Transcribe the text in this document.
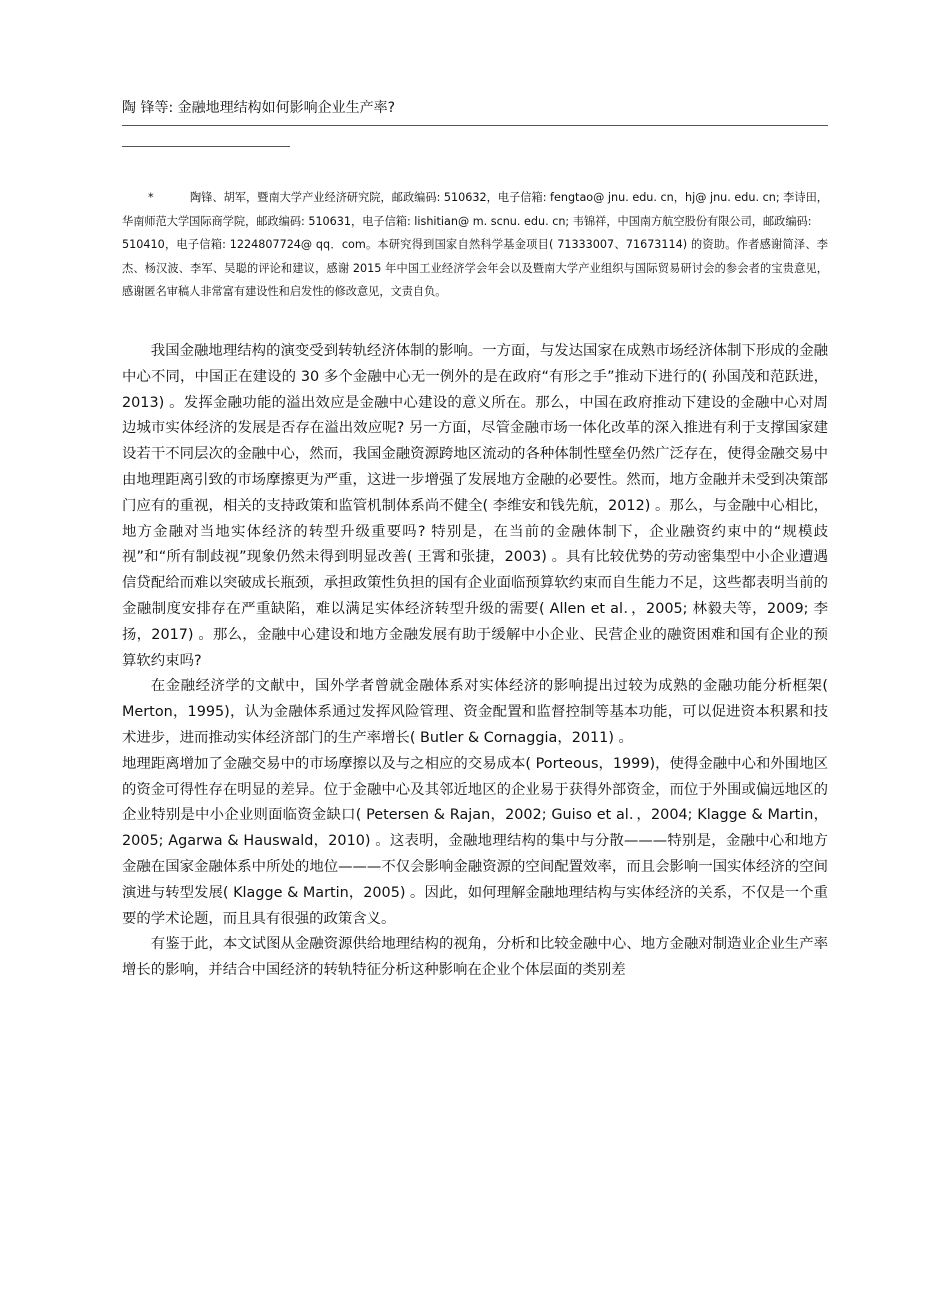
陶 锋等: 金融地理结构如何影响企业生产率?
*	陶锋、胡军，暨南大学产业经济研究院，邮政编码: 510632，电子信箱: fengtao@ jnu. edu. cn，hj@ jnu. edu. cn; 李诗田，华南师范大学国际商学院，邮政编码: 510631，电子信箱: lishitian@ m. scnu. edu. cn; 韦锦祥，中国南方航空股份有限公司，邮政编码:
510410，电子信箱: 1224807724@ qq．com。本研究得到国家自然科学基金项目( 71333007、71673114) 的资助。作者感谢简泽、李杰、杨汉波、李军、吴聪的评论和建议，感谢 2015 年中国工业经济学会年会以及暨南大学产业组织与国际贸易研讨会的参会者的宝贵意见，感谢匿名审稿人非常富有建设性和启发性的修改意见，文责自负。

我国金融地理结构的演变受到转轨经济体制的影响。一方面，与发达国家在成熟市场经济体制下形成的金融中心不同，中国正在建设的 30 多个金融中心无一例外的是在政府“有形之手”推动下进行的( 孙国茂和范跃进，2013) 。发挥金融功能的溢出效应是金融中心建设的意义所在。那么，中国在政府推动下建设的金融中心对周边城市实体经济的发展是否存在溢出效应呢? 另一方面，尽管金融市场一体化改革的深入推进有利于支撑国家建设若干不同层次的金融中心，然而，我国金融资源跨地区流动的各种体制性壁垒仍然广泛存在，使得金融交易中由地理距离引致的市场摩擦更为严重，这进一步增强了发展地方金融的必要性。然而，地方金融并未受到决策部门应有的重视，相关的支持政策和监管机制体系尚不健全( 李维安和钱先航，2012) 。那么，与金融中心相比，地方金融对当地实体经济的转型升级重要吗? 特别是，在当前的金融体制下，企业融资约束中的“规模歧视”和“所有制歧视”现象仍然未得到明显改善( 王霄和张捷，2003) 。具有比较优势的劳动密集型中小企业遭遇信贷配给而难以突破成长瓶颈，承担政策性负担的国有企业面临预算软约束而自生能力不足，这些都表明当前的金融制度安排存在严重缺陷，难以满足实体经济转型升级的需要( Allen et al．，2005; 林毅夫等，2009; 李扬，2017) 。那么，金融中心建设和地方金融发展有助于缓解中小企业、民营企业的融资困难和国有企业的预算软约束吗?

在金融经济学的文献中，国外学者曾就金融体系对实体经济的影响提出过较为成熟的金融功能分析框架( Merton，1995)，认为金融体系通过发挥风险管理、资金配置和监督控制等基本功能，可以促进资本积累和技术进步，进而推动实体经济部门的生产率增长( Butler & Cornaggia，2011) 。

地理距离增加了金融交易中的市场摩擦以及与之相应的交易成本( Porteous，1999)，使得金融中心和外围地区的资金可得性存在明显的差异。位于金融中心及其邻近地区的企业易于获得外部资金，而位于外围或偏远地区的企业特别是中小企业则面临资金缺口( Petersen & Rajan，2002; Guiso et al．，2004; Klagge & Martin，2005; Agarwa & Hauswald，2010) 。这表明，金融地理结构的集中与分散———特别是，金融中心和地方金融在国家金融体系中所处的地位———不仅会影响金融资源的空间配置效率，而且会影响一国实体经济的空间演进与转型发展( Klagge & Martin，2005) 。因此，如何理解金融地理结构与实体经济的关系，不仅是一个重要的学术论题，而且具有很强的政策含义。

有鉴于此，本文试图从金融资源供给地理结构的视角，分析和比较金融中心、地方金融对制造业企业生产率增长的影响，并结合中国经济的转轨特征分析这种影响在企业个体层面的类别差
